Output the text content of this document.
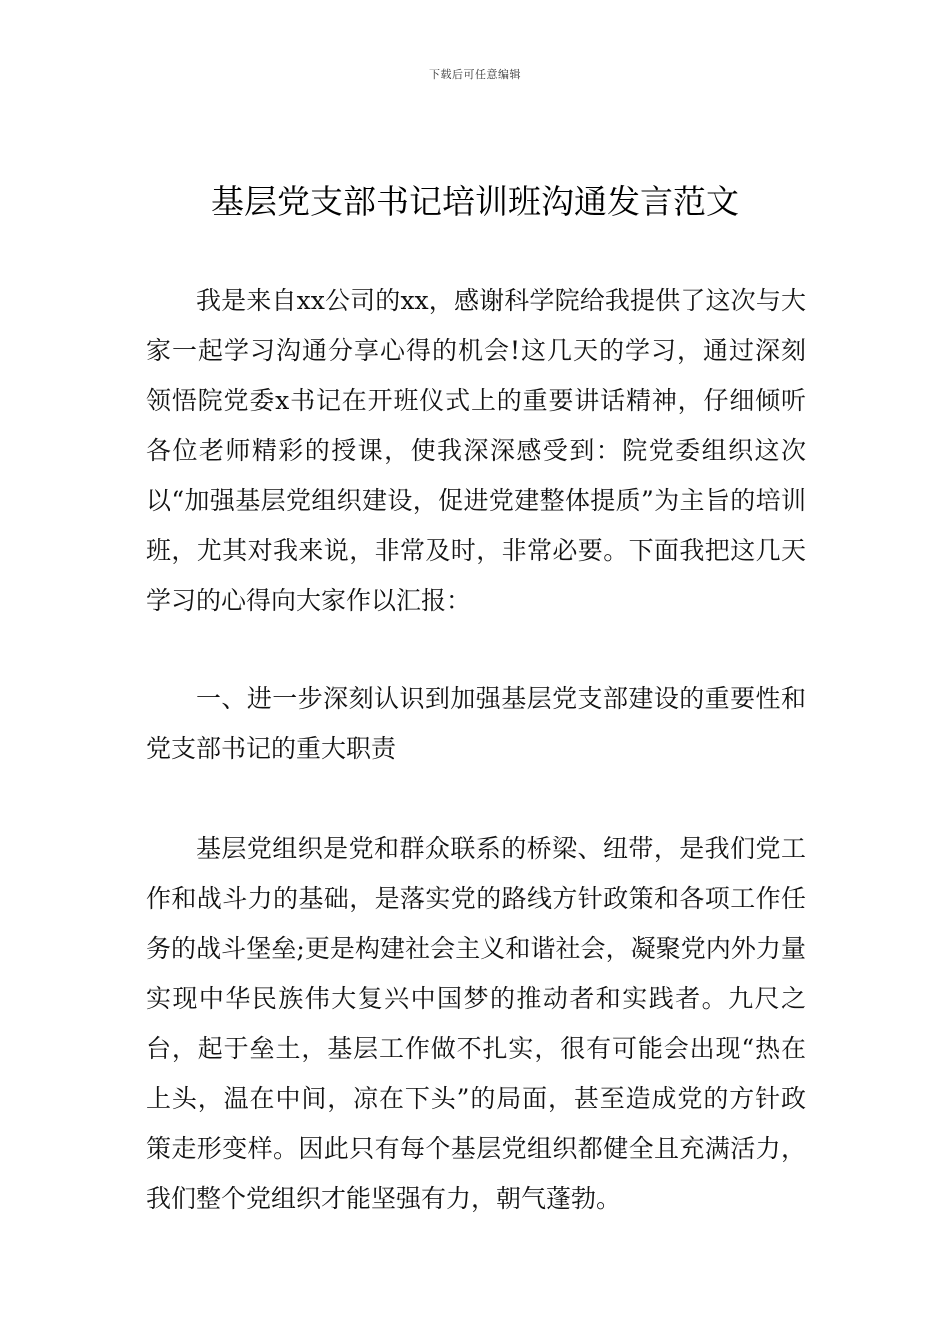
下载后可任意编辑
基层党支部书记培训班沟通发言范文

我是来自xx公司的xx，感谢科学院给我提供了这次与大家一起学习沟通分享心得的机会!这几天的学习，通过深刻领悟院党委x书记在开班仪式上的重要讲话精神，仔细倾听各位老师精彩的授课，使我深深感受到：院党委组织这次以“加强基层党组织建设，促进党建整体提质”为主旨的培训班，尤其对我来说，非常及时，非常必要。下面我把这几天学习的心得向大家作以汇报：

一、进一步深刻认识到加强基层党支部建设的重要性和党支部书记的重大职责

基层党组织是党和群众联系的桥梁、纽带，是我们党工作和战斗力的基础，是落实党的路线方针政策和各项工作任务的战斗堡垒;更是构建社会主义和谐社会，凝聚党内外力量实现中华民族伟大复兴中国梦的推动者和实践者。九尺之台，起于垒土，基层工作做不扎实，很有可能会出现“热在上头，温在中间，凉在下头”的局面，甚至造成党的方针政策走形变样。因此只有每个基层党组织都健全且充满活力，我们整个党组织才能坚强有力，朝气蓬勃。
